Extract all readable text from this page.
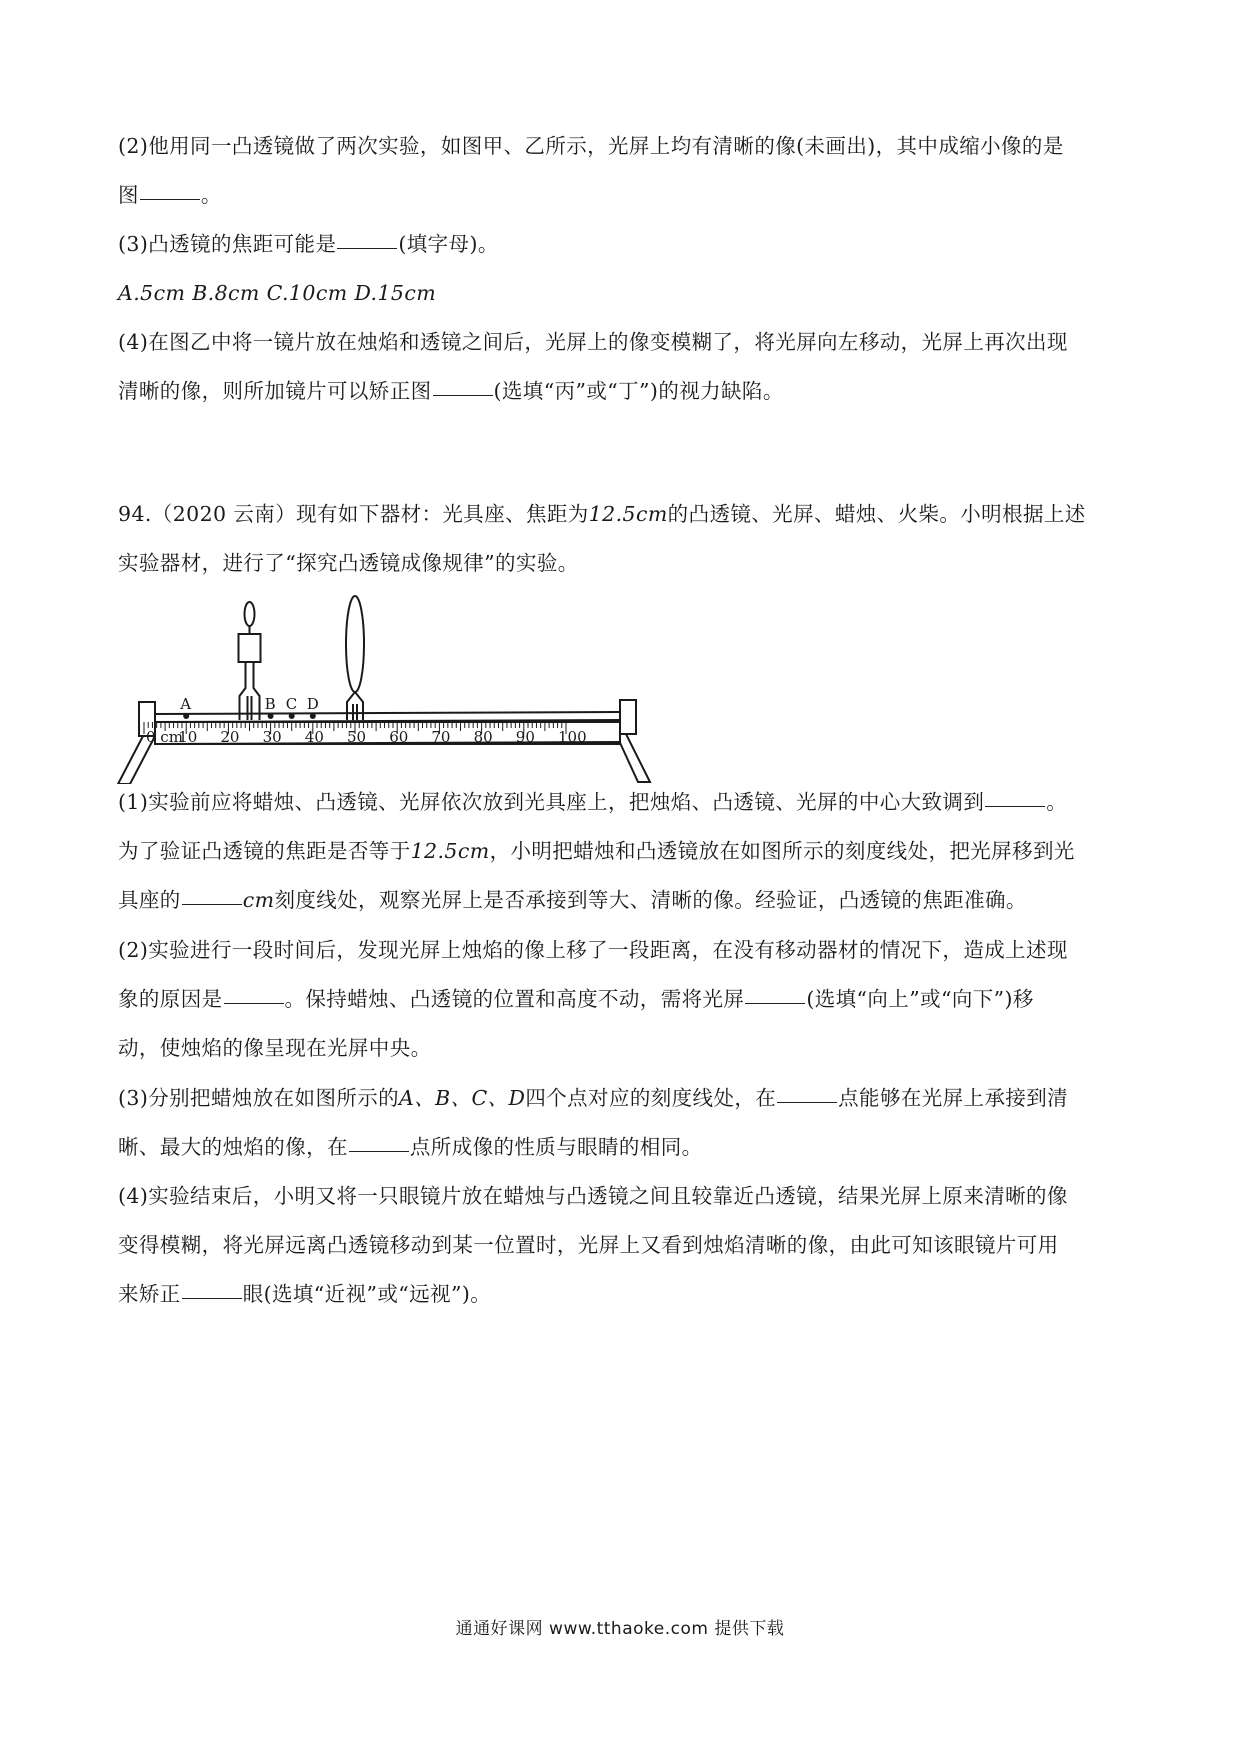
(2)他用同一凸透镜做了两次实验，如图甲、乙所示，光屏上均有清晰的像(未画出)，其中成缩小像的是
图	。
(3)凸透镜的焦距可能是	(填字母)。
A.5cm B.8cm C.10cm D.15cm
(4)在图乙中将一镜片放在烛焰和透镜之间后，光屏上的像变模糊了，将光屏向左移动，光屏上再次出现
清晰的像，则所加镜片可以矫正图	(选填“丙”或“丁”)的视力缺陷。
94.（2020 云南）现有如下器材：光具座、焦距为12.5cm的凸透镜、光屏、蜡烛、火柴。小明根据上述
实验器材，进行了“探究凸透镜成像规律”的实验。
0 cm
10 20 30 40 50 60 70 80 90 100
A	B C D
(1)实验前应将蜡烛、凸透镜、光屏依次放到光具座上，把烛焰、凸透镜、光屏的中心大致调到	。
为了验证凸透镜的焦距是否等于12.5cm，小明把蜡烛和凸透镜放在如图所示的刻度线处，把光屏移到光
具座的	cm刻度线处，观察光屏上是否承接到等大、清晰的像。经验证，凸透镜的焦距准确。
(2)实验进行一段时间后，发现光屏上烛焰的像上移了一段距离，在没有移动器材的情况下，造成上述现
象的原因是	。保持蜡烛、凸透镜的位置和高度不动，需将光屏	(选填“向上”或“向下”)移
动，使烛焰的像呈现在光屏中央。
(3)分别把蜡烛放在如图所示的A、B、C、D四个点对应的刻度线处，在	点能够在光屏上承接到清
晰、最大的烛焰的像，在	点所成像的性质与眼睛的相同。
(4)实验结束后，小明又将一只眼镜片放在蜡烛与凸透镜之间且较靠近凸透镜，结果光屏上原来清晰的像
变得模糊，将光屏远离凸透镜移动到某一位置时，光屏上又看到烛焰清晰的像，由此可知该眼镜片可用
来矫正	眼(选填“近视”或“远视”)。
通通好课网 www.tthaoke.com 提供下载
